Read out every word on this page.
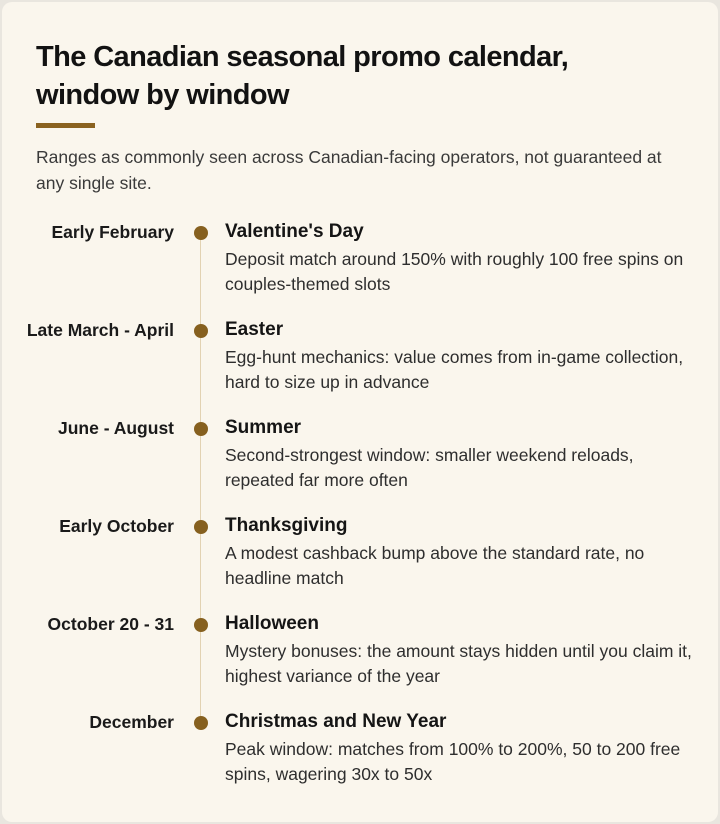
The Canadian seasonal promo calendar, window by window

Ranges as commonly seen across Canadian-facing operators, not guaranteed at any single site.

Early February	Valentine's Day
Deposit match around 150% with roughly 100 free spins on couples-themed slots
Late March - April	Easter
Egg-hunt mechanics: value comes from in-game collection, hard to size up in advance
June - August	Summer
Second-strongest window: smaller weekend reloads, repeated far more often
Early October	Thanksgiving
A modest cashback bump above the standard rate, no headline match
October 20 - 31	Halloween
Mystery bonuses: the amount stays hidden until you claim it, highest variance of the year
December	Christmas and New Year
Peak window: matches from 100% to 200%, 50 to 200 free spins, wagering 30x to 50x
